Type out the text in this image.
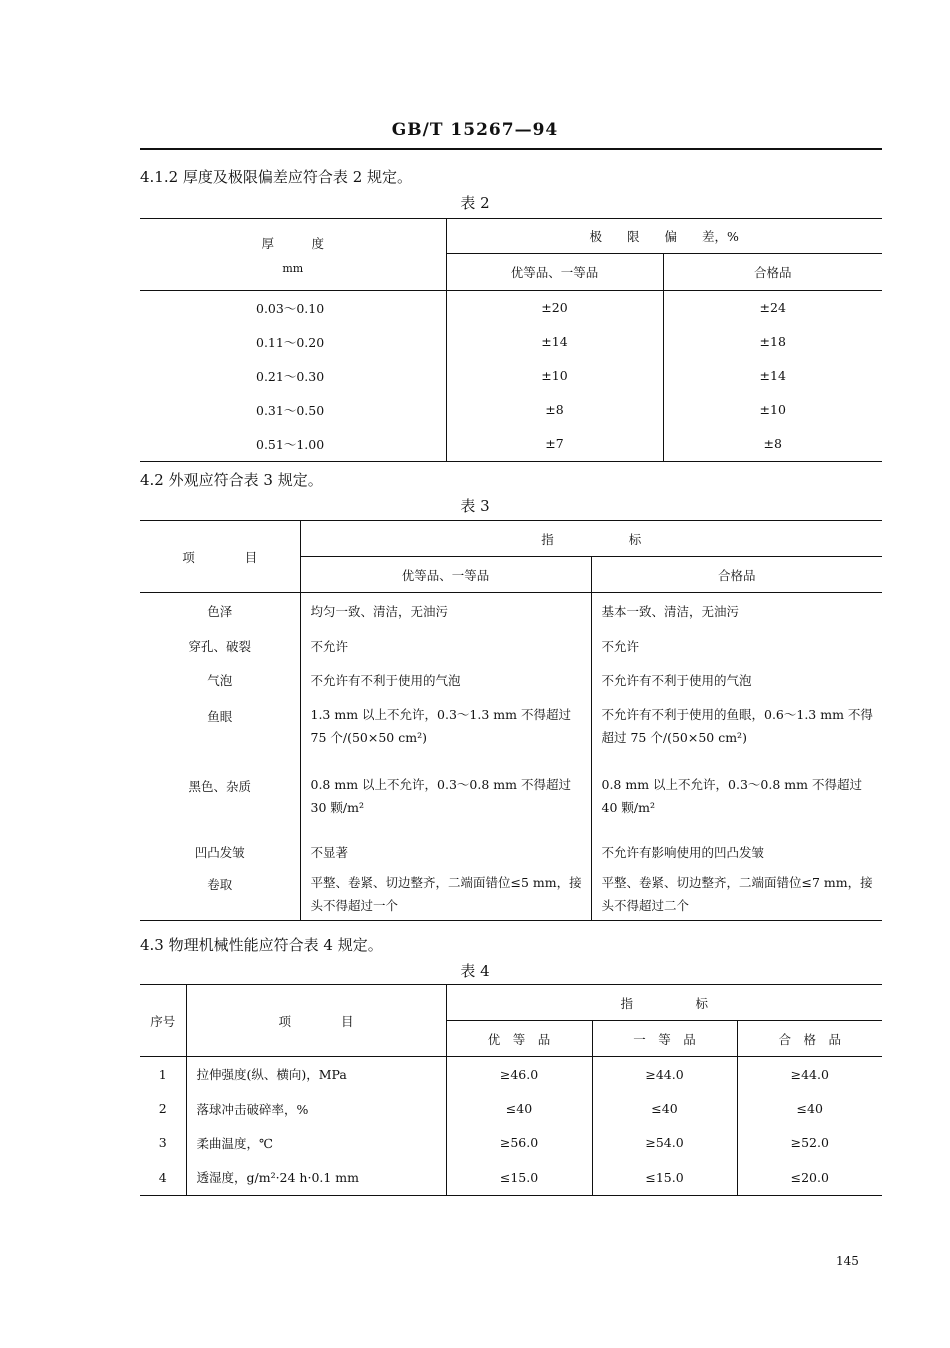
GB/T 15267—94
4.1.2 厚度及极限偏差应符合表 2 规定。
表 2
厚　　　度
mm	极　　限　　偏　　差，%	
	优等品、一等品	合格品
0.03～0.10	±20	±24
0.11～0.20	±14	±18
0.21～0.30	±10	±14
0.31～0.50	±8	±10
0.51～1.00	±7	±8
4.2 外观应符合表 3 规定。
表 3
项　　　　目	指　　　　　　标	
	优等品、一等品	合格品
色泽	均匀一致、清洁，无油污	基本一致、清洁，无油污
穿孔、破裂	不允许	不允许
气泡	不允许有不利于使用的气泡	不允许有不利于使用的气泡
鱼眼	1.3 mm 以上不允许，0.3～1.3 mm 不得超过 75 个/(50×50 cm²)	不允许有不利于使用的鱼眼，0.6～1.3 mm 不得超过 75 个/(50×50 cm²)
黑色、杂质	0.8 mm 以上不允许，0.3～0.8 mm 不得超过 30 颗/m²	0.8 mm 以上不允许，0.3～0.8 mm 不得超过 40 颗/m²
凹凸发皱	不显著	不允许有影响使用的凹凸发皱
卷取	平整、卷紧、切边整齐，二端面错位≤5 mm，接头不得超过一个	平整、卷紧、切边整齐，二端面错位≤7 mm，接头不得超过二个
4.3 物理机械性能应符合表 4 规定。
表 4
序号	项　　　　目	指　　　　　标		
		优　等　品	一　等　品	合　格　品
1	拉伸强度(纵、横向)，MPa	≥46.0	≥44.0	≥44.0
2	落球冲击破碎率，%	≤40	≤40	≤40
3	柔曲温度，℃	≥56.0	≥54.0	≥52.0
4	透湿度，g/m²·24 h·0.1 mm	≤15.0	≤15.0	≤20.0
145
